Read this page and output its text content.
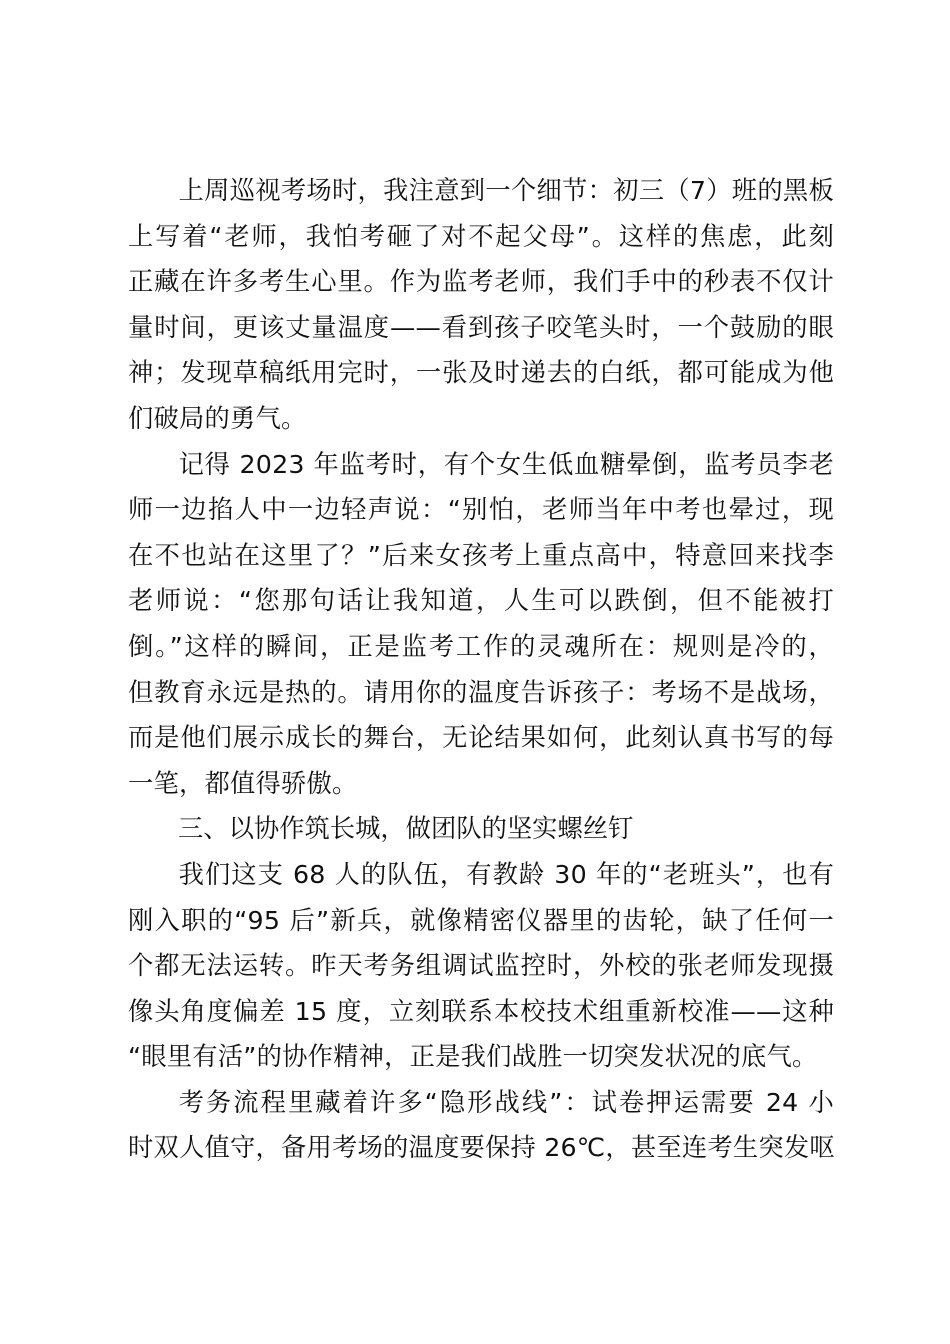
上周巡视考场时，我注意到一个细节：初三（7）班的黑板
上写着“老师，我怕考砸了对不起父母”。这样的焦虑，此刻
正藏在许多考生心里。作为监考老师，我们手中的秒表不仅计
量时间，更该丈量温度——看到孩子咬笔头时，一个鼓励的眼
神；发现草稿纸用完时，一张及时递去的白纸，都可能成为他
们破局的勇气。

记得 2023 年监考时，有个女生低血糖晕倒，监考员李老
师一边掐人中一边轻声说：“别怕，老师当年中考也晕过，现
在不也站在这里了？”后来女孩考上重点高中，特意回来找李
老师说：“您那句话让我知道，人生可以跌倒，但不能被打
倒。”这样的瞬间，正是监考工作的灵魂所在：规则是冷的，
但教育永远是热的。请用你的温度告诉孩子：考场不是战场，
而是他们展示成长的舞台，无论结果如何，此刻认真书写的每
一笔，都值得骄傲。

三、以协作筑长城，做团队的坚实螺丝钉

我们这支 68 人的队伍，有教龄 30 年的“老班头”，也有
刚入职的“95 后”新兵，就像精密仪器里的齿轮，缺了任何一
个都无法运转。昨天考务组调试监控时，外校的张老师发现摄
像头角度偏差 15 度，立刻联系本校技术组重新校准——这种
“眼里有活”的协作精神，正是我们战胜一切突发状况的底气。

考务流程里藏着许多“隐形战线”：试卷押运需要 24 小
时双人值守，备用考场的温度要保持 26℃，甚至连考生突发呕
